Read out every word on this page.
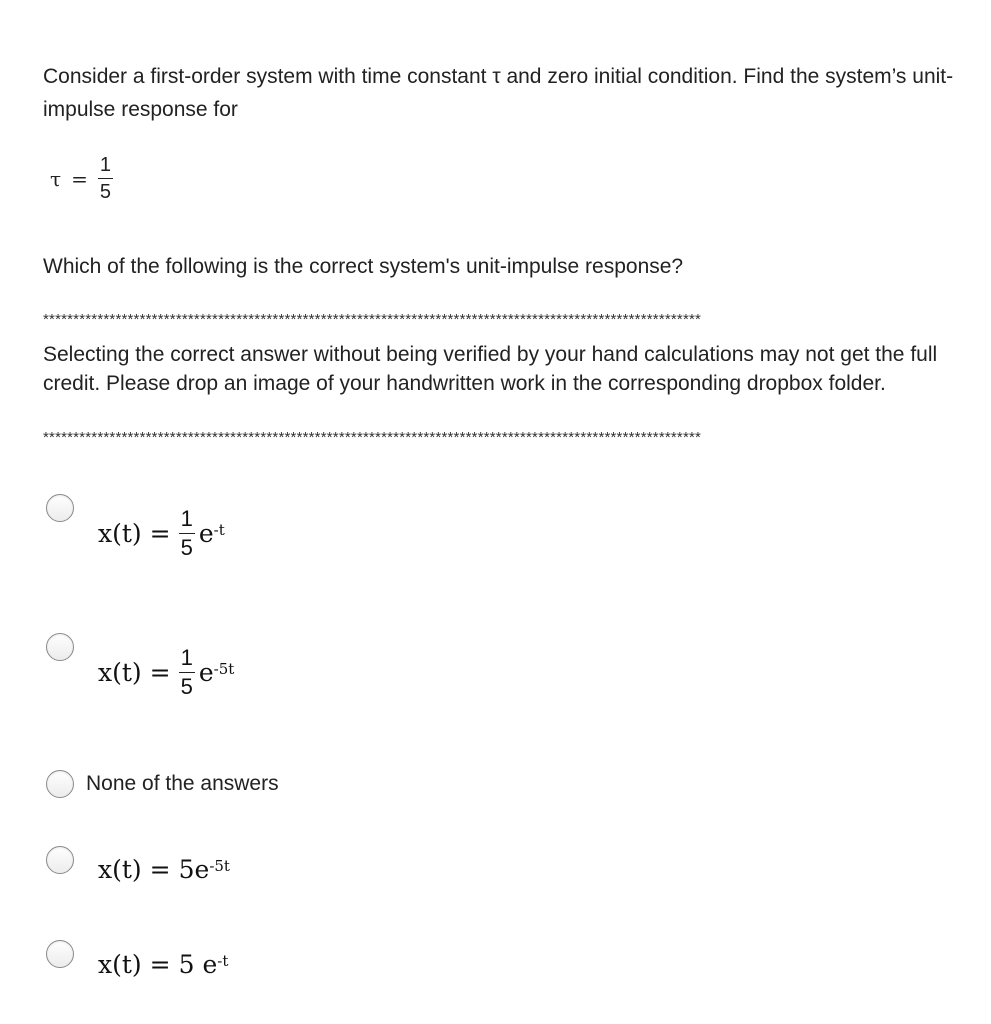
Consider a first-order system with time constant τ and zero initial condition. Find the system’s unit-impulse response for
$\tau = \frac{1}{5}$
Which of the following is the correct system's unit-impulse response?
*************************************************************************************************************
Selecting the correct answer without being verified by your hand calculations may not get the full credit. Please drop an image of your handwritten work in the corresponding dropbox folder.
*************************************************************************************************************
$x(t) = \frac{1}{5} e^{-t}$
$x(t) = \frac{1}{5} e^{-5t}$
None of the answers
$x(t) = 5e^{-5t}$
x(t) = 5 $e^{-t}$
